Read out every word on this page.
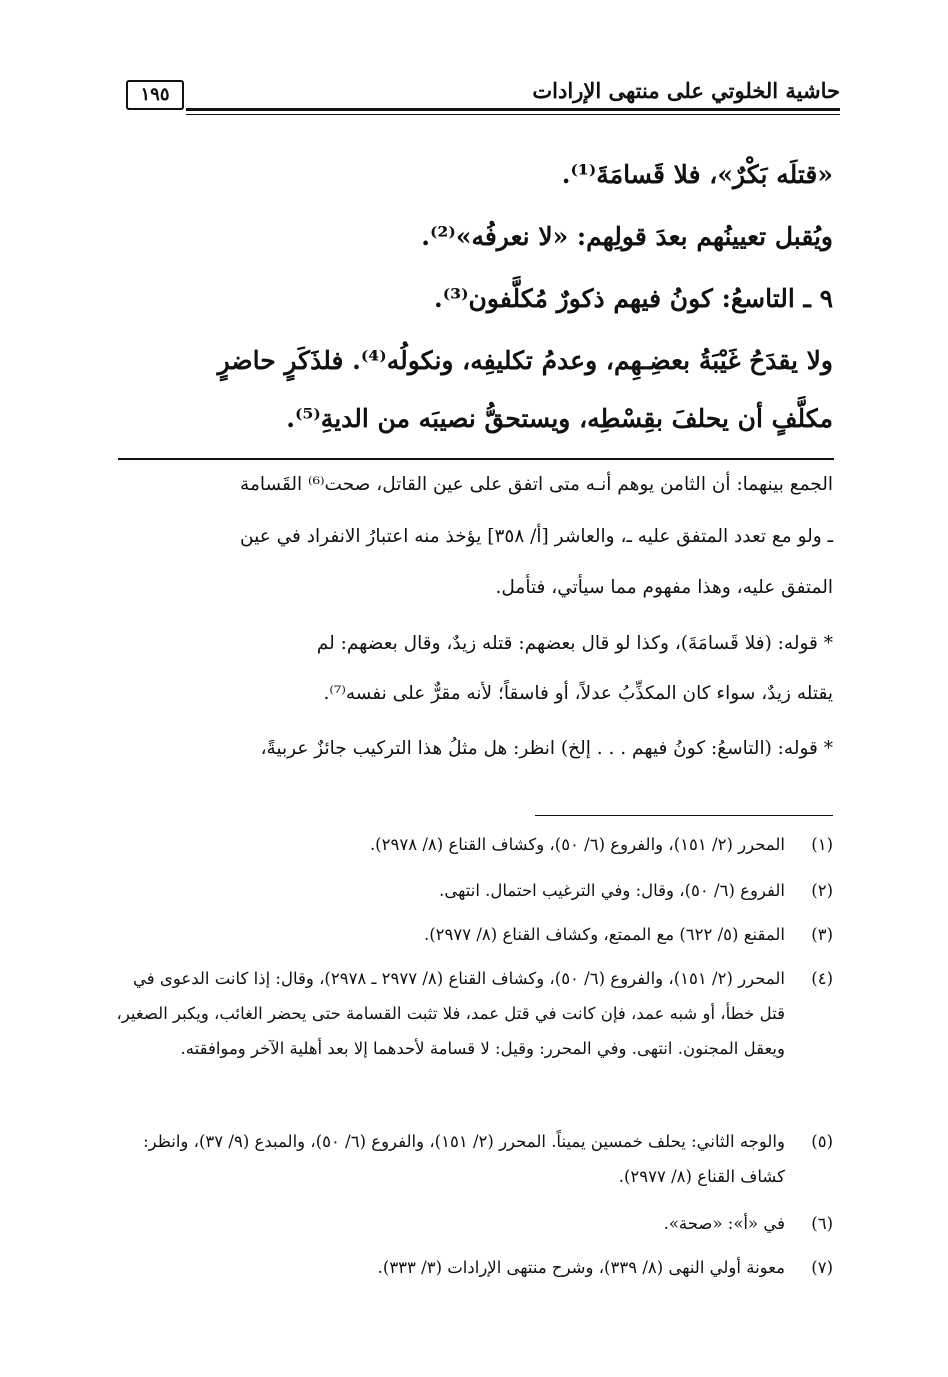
حاشية الخلوتي على منتهى الإرادات
١٩٥
«قتلَه بَكْرٌ»، فلا قَسامَةَ⁽¹⁾.
ويُقبل تعيينُهم بعدَ قولِهم: «لا نعرفُه»⁽²⁾.
٩ ـ التاسعُ: كونُ فيهم ذكورٌ مُكلَّفون⁽³⁾.
ولا يقدَحُ غَيْبَةُ بعضِـهِم، وعدمُ تكليفِه، ونكولُه⁽⁴⁾. فلذَكَرٍ حاضرٍ
مكلَّفٍ أن يحلفَ بقِسْطِه، ويستحقُّ نصيبَه من الديةِ⁽⁵⁾.
الجمع بينهما: أن الثامن يوهم أنـه متى اتفق على عين القاتل، صحت⁽⁶⁾ القَسامة
ـ ولو مع تعدد المتفق عليه ـ، والعاشر [أ/ ٣٥٨] يؤخذ منه اعتبارُ الانفراد في عين
المتفق عليه، وهذا مفهوم مما سيأتي، فتأمل.
* قوله: (فلا قَسامَةَ)، وكذا لو قال بعضهم: قتله زيدٌ، وقال بعضهم: لم
يقتله زيدٌ، سواء كان المكذِّبُ عدلاً، أو فاسقاً؛ لأنه مقرٌّ على نفسه⁽⁷⁾.
* قوله: (التاسعُ: كونُ فيهم . . . إلخ) انظر: هل مثلُ هذا التركيب جائزٌ عربيةً،
(١)
المحرر (٢/ ١٥١)، والفروع (٦/ ٥٠)، وكشاف القناع (٨/ ٢٩٧٨).
(٢)
الفروع (٦/ ٥٠)، وقال: وفي الترغيب احتمال. انتهى.
(٣)
المقنع (٥/ ٦٢٢) مع الممتع، وكشاف القناع (٨/ ٢٩٧٧).
(٤)
المحرر (٢/ ١٥١)، والفروع (٦/ ٥٠)، وكشاف القناع (٨/ ٢٩٧٧ ـ ٢٩٧٨)، وقال: إذا كانت الدعوى في قتل خطأ، أو شبه عمد، فإن كانت في قتل عمد، فلا تثبت القسامة حتى يحضر الغائب، ويكبر الصغير، ويعقل المجنون. انتهى. وفي المحرر: وقيل: لا قسامة لأحدهما إلا بعد أهلية الآخر وموافقته.
(٥)
والوجه الثاني: يحلف خمسين يميناً. المحرر (٢/ ١٥١)، والفروع (٦/ ٥٠)، والمبدع (٩/ ٣٧)، وانظر: كشاف القناع (٨/ ٢٩٧٧).
(٦)
في «أ»: «صحة».
(٧)
معونة أولي النهى (٨/ ٣٣٩)، وشرح منتهى الإرادات (٣/ ٣٣٣).
